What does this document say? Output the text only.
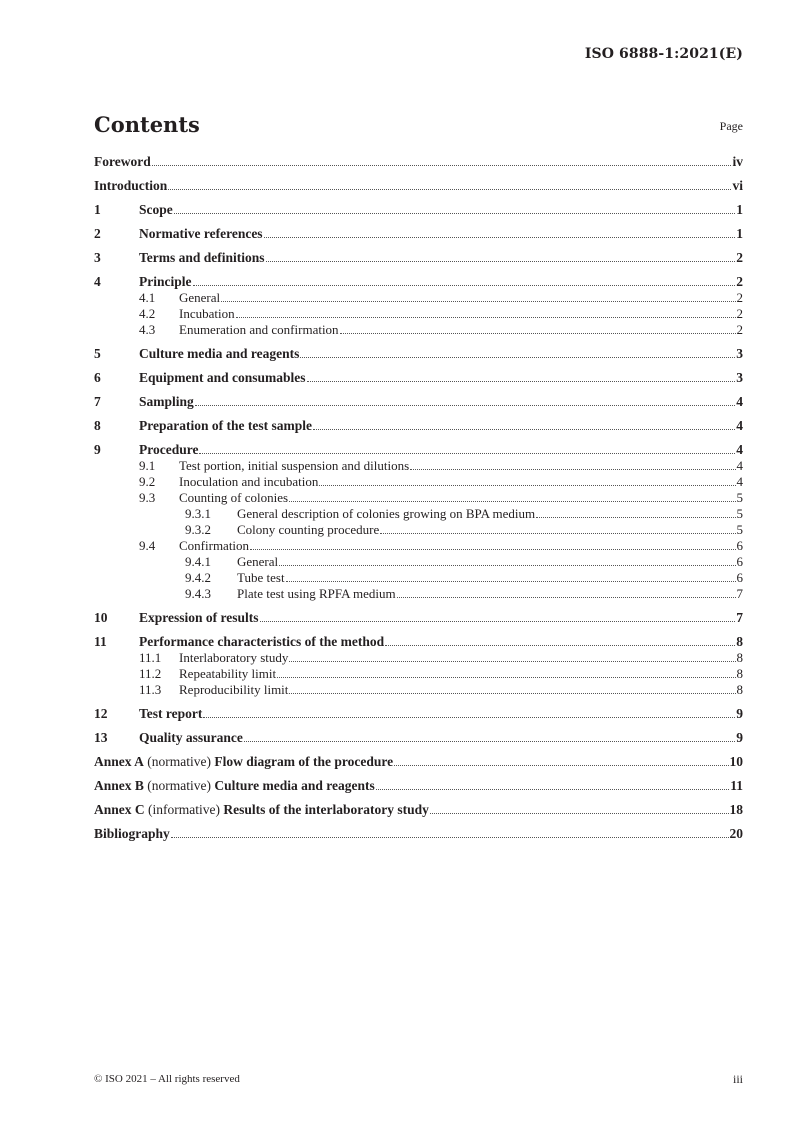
ISO 6888-1:2021(E)
Contents	Page
Foreword	iv
Introduction	vi
1	Scope	1
2	Normative references	1
3	Terms and definitions	2
4	Principle	2
4.1	General	2
4.2	Incubation	2
4.3	Enumeration and confirmation	2
5	Culture media and reagents	3
6	Equipment and consumables	3
7	Sampling	4
8	Preparation of the test sample	4
9	Procedure	4
9.1	Test portion, initial suspension and dilutions	4
9.2	Inoculation and incubation	4
9.3	Counting of colonies	5
9.3.1	General description of colonies growing on BPA medium	5
9.3.2	Colony counting procedure	5
9.4	Confirmation	6
9.4.1	General	6
9.4.2	Tube test	6
9.4.3	Plate test using RPFA medium	7
10	Expression of results	7
11	Performance characteristics of the method	8
11.1	Interlaboratory study	8
11.2	Repeatability limit	8
11.3	Reproducibility limit	8
12	Test report	9
13	Quality assurance	9
Annex A (normative) Flow diagram of the procedure	10
Annex B (normative) Culture media and reagents	11
Annex C (informative) Results of the interlaboratory study	18
Bibliography	20
© ISO 2021 – All rights reserved	iii
